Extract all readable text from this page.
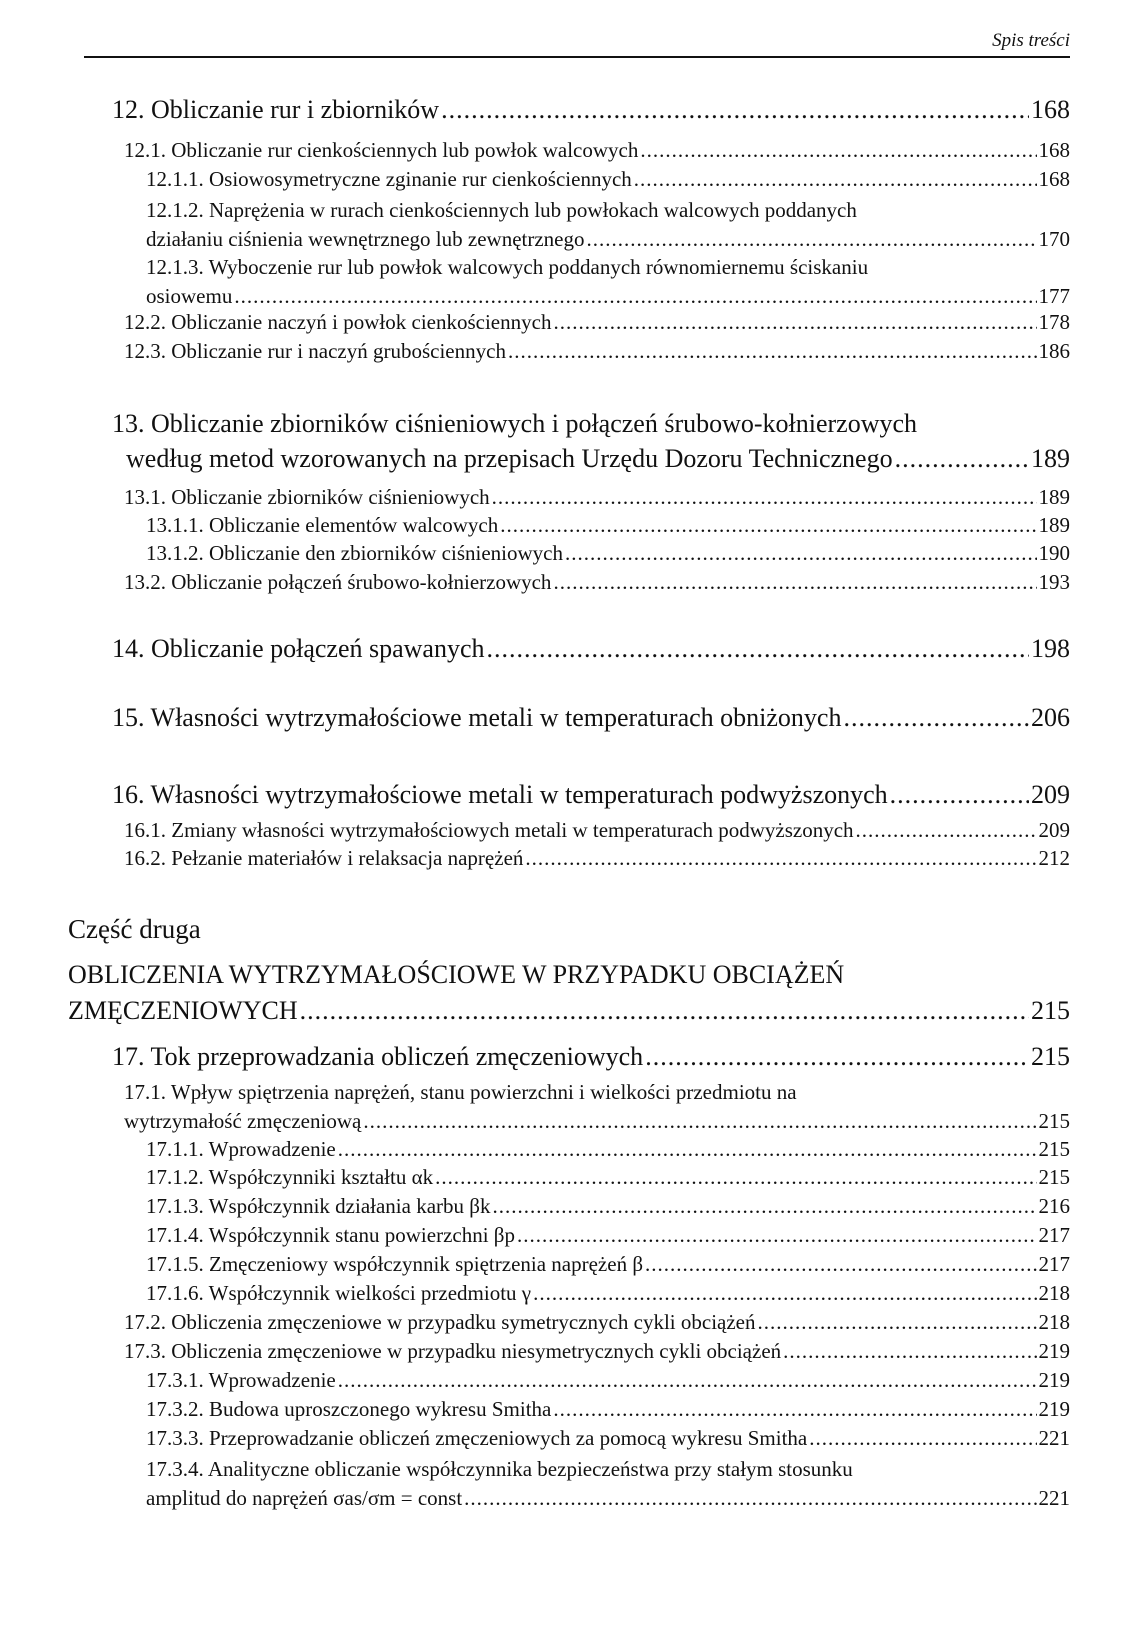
Spis treści
12. Obliczanie rur i zbiorników .....	168
12.1. Obliczanie rur cienkościennych lub powłok walcowych .....	168
12.1.1. Osiowosymetryczne zginanie rur cienkościennych .....	168
12.1.2. Naprężenia w rurach cienkościennych lub powłokach walcowych poddanych
działaniu ciśnienia wewnętrznego lub zewnętrznego .....	170
12.1.3. Wyboczenie rur lub powłok walcowych poddanych równomiernemu ściskaniu
osiowemu .....	177
12.2. Obliczanie naczyń i powłok cienkościennych .....	178
12.3. Obliczanie rur i naczyń grubościennych .....	186
13. Obliczanie zbiorników ciśnieniowych i połączeń śrubowo-kołnierzowych
według metod wzorowanych na przepisach Urzędu Dozoru Technicznego .....	189
13.1. Obliczanie zbiorników ciśnieniowych .....	189
13.1.1. Obliczanie elementów walcowych .....	189
13.1.2. Obliczanie den zbiorników ciśnieniowych .....	190
13.2. Obliczanie połączeń śrubowo-kołnierzowych .....	193
14. Obliczanie połączeń spawanych .....	198
15. Własności wytrzymałościowe metali w temperaturach obniżonych .....	206
16. Własności wytrzymałościowe metali w temperaturach podwyższonych .....	209
16.1. Zmiany własności wytrzymałościowych metali w temperaturach podwyższonych .....	209
16.2. Pełzanie materiałów i relaksacja naprężeń .....	212
Część druga
OBLICZENIA WYTRZYMAŁOŚCIOWE W PRZYPADKU OBCIĄŻEŃ
ZMĘCZENIOWYCH .....	215
17. Tok przeprowadzania obliczeń zmęczeniowych .....	215
17.1. Wpływ spiętrzenia naprężeń, stanu powierzchni i wielkości przedmiotu na
wytrzymałość zmęczeniową .....	215
17.1.1. Wprowadzenie .....	215
17.1.2. Współczynniki kształtu αk .....	215
17.1.3. Współczynnik działania karbu βk .....	216
17.1.4. Współczynnik stanu powierzchni βp .....	217
17.1.5. Zmęczeniowy współczynnik spiętrzenia naprężeń β .....	217
17.1.6. Współczynnik wielkości przedmiotu γ .....	218
17.2. Obliczenia zmęczeniowe w przypadku symetrycznych cykli obciążeń .....	218
17.3. Obliczenia zmęczeniowe w przypadku niesymetrycznych cykli obciążeń .....	219
17.3.1. Wprowadzenie .....	219
17.3.2. Budowa uproszczonego wykresu Smitha .....	219
17.3.3. Przeprowadzanie obliczeń zmęczeniowych za pomocą wykresu Smitha .....	221
17.3.4. Analityczne obliczanie współczynnika bezpieczeństwa przy stałym stosunku
amplitud do naprężeń σas/σm = const .....	221
